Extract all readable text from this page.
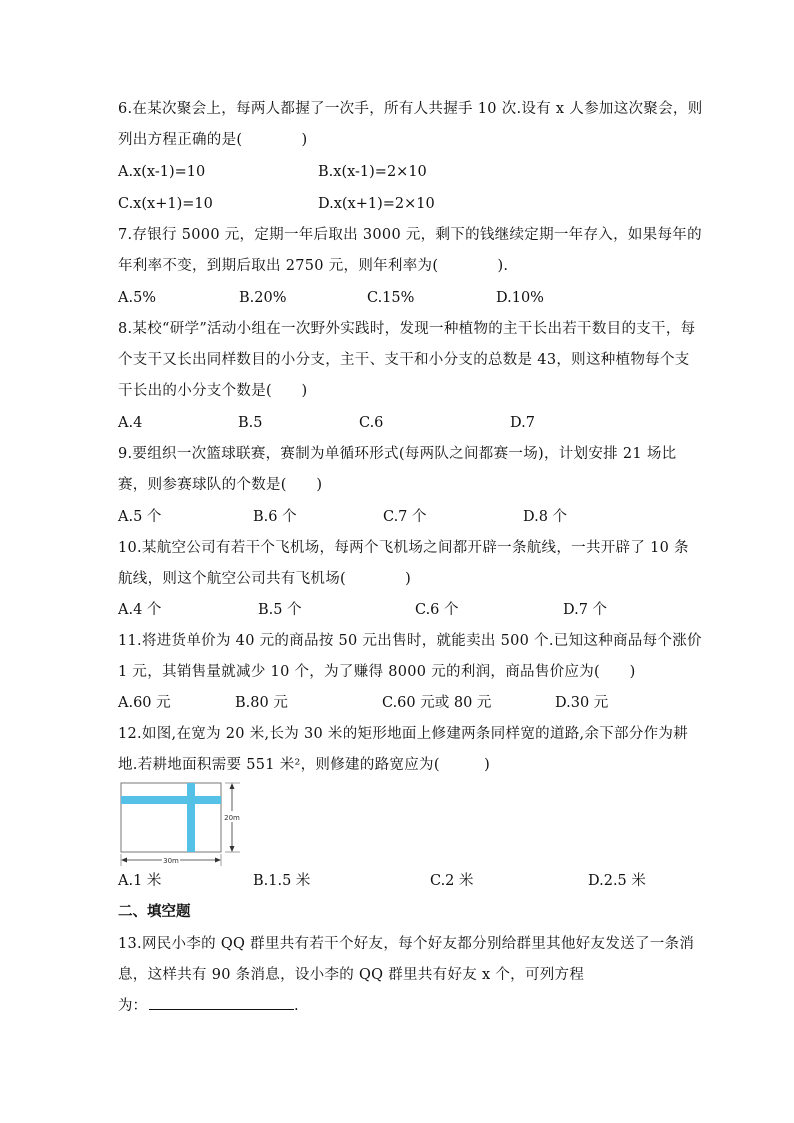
6.在某次聚会上，每两人都握了一次手，所有人共握手 10 次.设有 x 人参加这次聚会，则列出方程正确的是(　　　　)
A.x(x-1)=10	B.x(x-1)=2×10
C.x(x+1)=10	D.x(x+1)=2×10
7.存银行 5000 元，定期一年后取出 3000 元，剩下的钱继续定期一年存入，如果每年的年利率不变，到期后取出 2750 元，则年利率为(　　　　).
A.5%	B.20%	C.15%	D.10%
8.某校“研学”活动小组在一次野外实践时，发现一种植物的主干长出若干数目的支干，每个支干又长出同样数目的小分支，主干、支干和小分支的总数是 43，则这种植物每个支干长出的小分支个数是(　　)
A.4	B.5	C.6	D.7
9.要组织一次篮球联赛，赛制为单循环形式(每两队之间都赛一场)，计划安排 21 场比赛，则参赛球队的个数是(　　)
A.5 个	B.6 个	C.7 个	D.8 个
10.某航空公司有若干个飞机场，每两个飞机场之间都开辟一条航线，一共开辟了 10 条航线，则这个航空公司共有飞机场(　　　　)
A.4 个	B.5 个	C.6 个	D.7 个
11.将进货单价为 40 元的商品按 50 元出售时，就能卖出 500 个.已知这种商品每个涨价 1 元，其销售量就减少 10 个，为了赚得 8000 元的利润，商品售价应为(　　)
A.60 元	B.80 元	C.60 元或 80 元	D.30 元
12.如图,在宽为 20 米,长为 30 米的矩形地面上修建两条同样宽的道路,余下部分作为耕地.若耕地面积需要 551 米²，则修建的路宽应为(　　　)
20m
30m
A.1 米	B.1.5 米	C.2 米	D.2.5 米
二、填空题
13.网民小李的 QQ 群里共有若干个好友，每个好友都分别给群里其他好友发送了一条消息，这样共有 90 条消息，设小李的 QQ 群里共有好友 x 个，可列方程
为：	.
